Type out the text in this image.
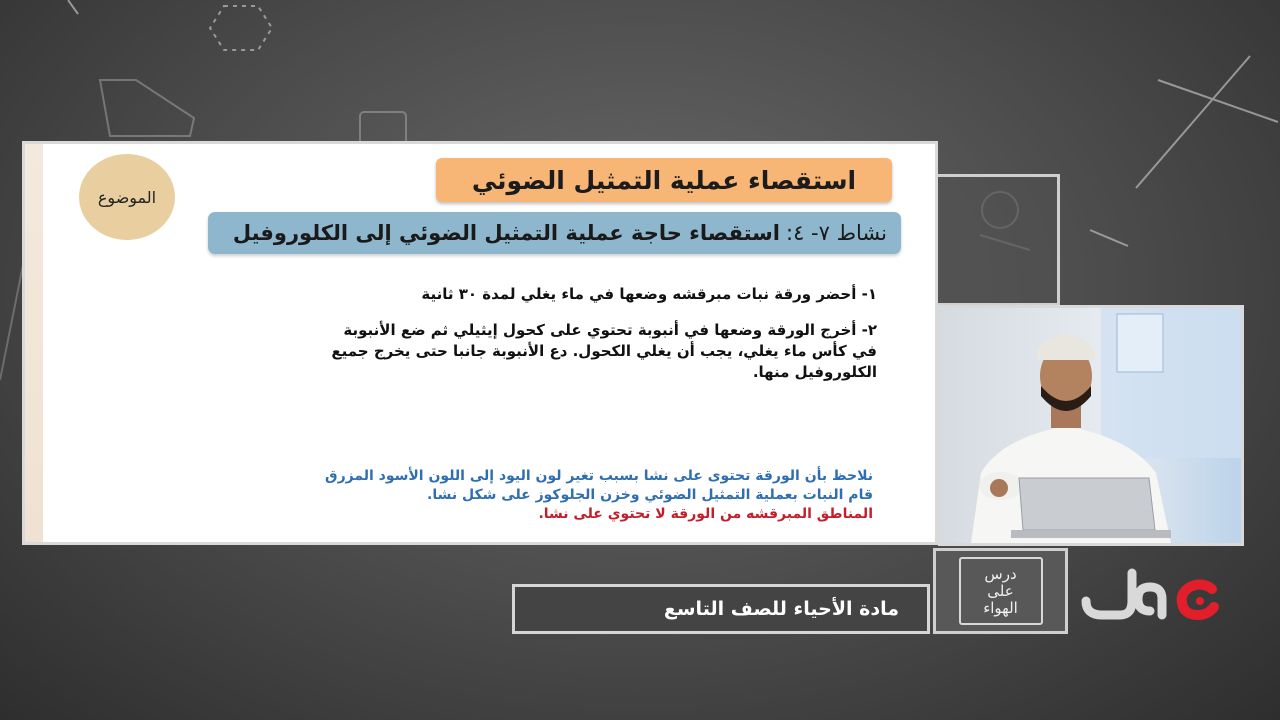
الموضوع
استقصاء عملية التمثيل الضوئي
نشاط ٧- ٤:
استقصاء حاجة عملية التمثيل الضوئي إلى الكلوروفيل

١- أحضر ورقة نبات مبرقشه وضعها في ماء يغلي لمدة ٣٠ ثانية

٢- أخرج الورقة وضعها في أنبوبة تحتوي على كحول إيثيلي ثم ضع الأنبوبة في كأس ماء يغلي، يجب أن يغلي الكحول. دع الأنبوبة جانبا حتى يخرج جميع الكلوروفيل منها.

نلاحظ بأن الورقة تحتوى على نشا بسبب تغير لون اليود إلى اللون الأسود المزرق
قام النبات بعملية التمثيل الضوئي وخزن الجلوكوز على شكل نشا.
المناطق المبرقشه من الورقة لا تحتوي على نشا.
مادة الأحياء للصف التاسع
درس
على
الهواء
